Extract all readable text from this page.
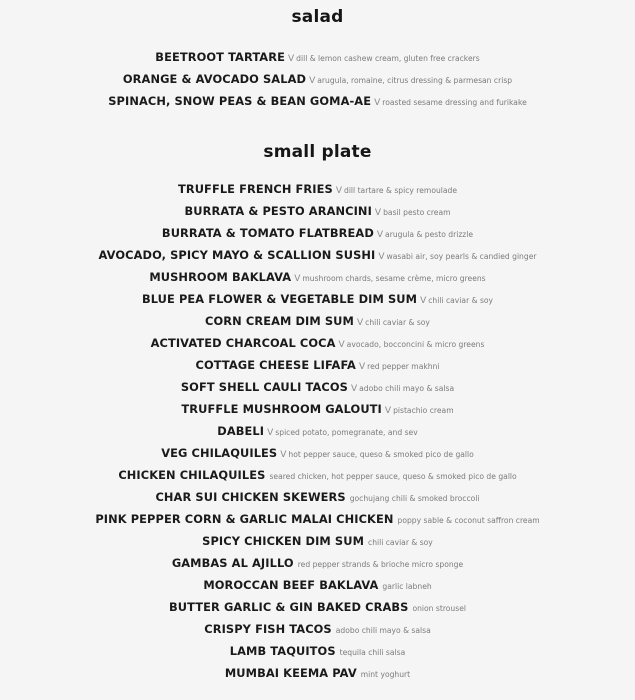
salad
BEETROOT TARTARE V dill & lemon cashew cream, gluten free crackers
ORANGE & AVOCADO SALAD V arugula, romaine, citrus dressing & parmesan crisp
SPINACH, SNOW PEAS & BEAN GOMA-AE V roasted sesame dressing and furikake
small plate
TRUFFLE FRENCH FRIES V dill tartare & spicy remoulade
BURRATA & PESTO ARANCINI V basil pesto cream
BURRATA & TOMATO FLATBREAD V arugula & pesto drizzle
AVOCADO, SPICY MAYO & SCALLION SUSHI V wasabi air, soy pearls & candied ginger
MUSHROOM BAKLAVA V mushroom chards, sesame crème, micro greens
BLUE PEA FLOWER & VEGETABLE DIM SUM V chili caviar & soy
CORN CREAM DIM SUM V chili caviar & soy
ACTIVATED CHARCOAL COCA V avocado, bocconcini & micro greens
COTTAGE CHEESE LIFAFA V red pepper makhni
SOFT SHELL CAULI TACOS V adobo chili mayo & salsa
TRUFFLE MUSHROOM GALOUTI V pistachio cream
DABELI V spiced potato, pomegranate, and sev
VEG CHILAQUILES V hot pepper sauce, queso & smoked pico de gallo
CHICKEN CHILAQUILES seared chicken, hot pepper sauce, queso & smoked pico de gallo
CHAR SUI CHICKEN SKEWERS gochujang chili & smoked broccoli
PINK PEPPER CORN & GARLIC MALAI CHICKEN poppy sable & coconut saffron cream
SPICY CHICKEN DIM SUM chili caviar & soy
GAMBAS AL AJILLO red pepper strands & brioche micro sponge
MOROCCAN BEEF BAKLAVA garlic labneh
BUTTER GARLIC & GIN BAKED CRABS onion strousel
CRISPY FISH TACOS adobo chili mayo & salsa
LAMB TAQUITOS tequila chili salsa
MUMBAI KEEMA PAV mint yoghurt
